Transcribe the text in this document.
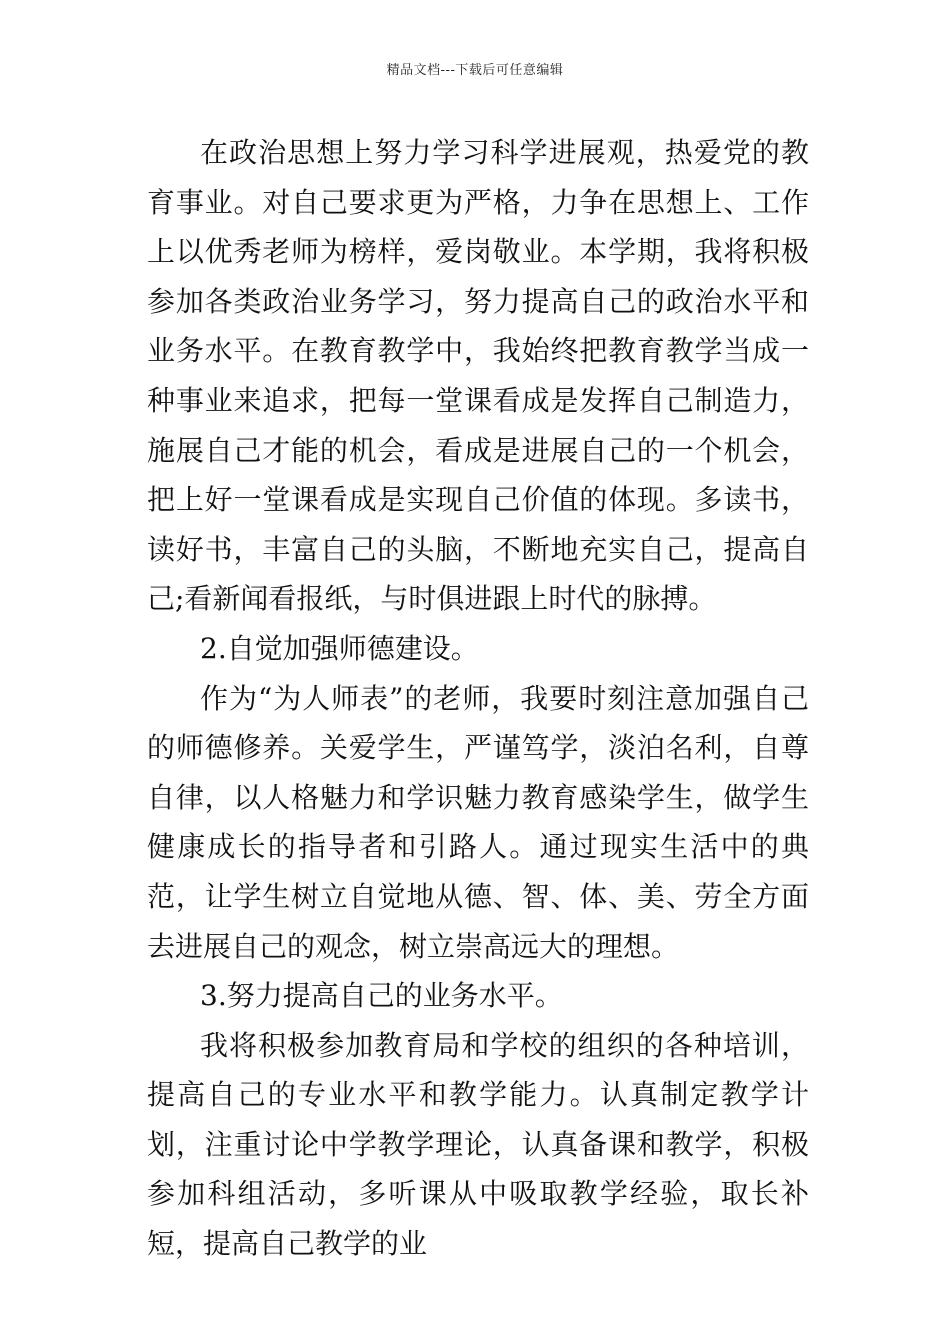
精品文档---下载后可任意编辑

在政治思想上努力学习科学进展观，热爱党的教育事业。对自己要求更为严格，力争在思想上、工作上以优秀老师为榜样，爱岗敬业。本学期，我将积极参加各类政治业务学习，努力提高自己的政治水平和业务水平。在教育教学中，我始终把教育教学当成一种事业来追求，把每一堂课看成是发挥自己制造力，施展自己才能的机会，看成是进展自己的一个机会，把上好一堂课看成是实现自己价值的体现。多读书，读好书，丰富自己的头脑，不断地充实自己，提高自己;看新闻看报纸，与时俱进跟上时代的脉搏。

2.自觉加强师德建设。

作为“为人师表”的老师，我要时刻注意加强自己的师德修养。关爱学生，严谨笃学，淡泊名利，自尊自律，以人格魅力和学识魅力教育感染学生，做学生健康成长的指导者和引路人。通过现实生活中的典范，让学生树立自觉地从德、智、体、美、劳全方面去进展自己的观念，树立崇高远大的理想。

3.努力提高自己的业务水平。

我将积极参加教育局和学校的组织的各种培训，提高自己的专业水平和教学能力。认真制定教学计划，注重讨论中学教学理论，认真备课和教学，积极参加科组活动，多听课从中吸取教学经验，取长补短，提高自己教学的业
